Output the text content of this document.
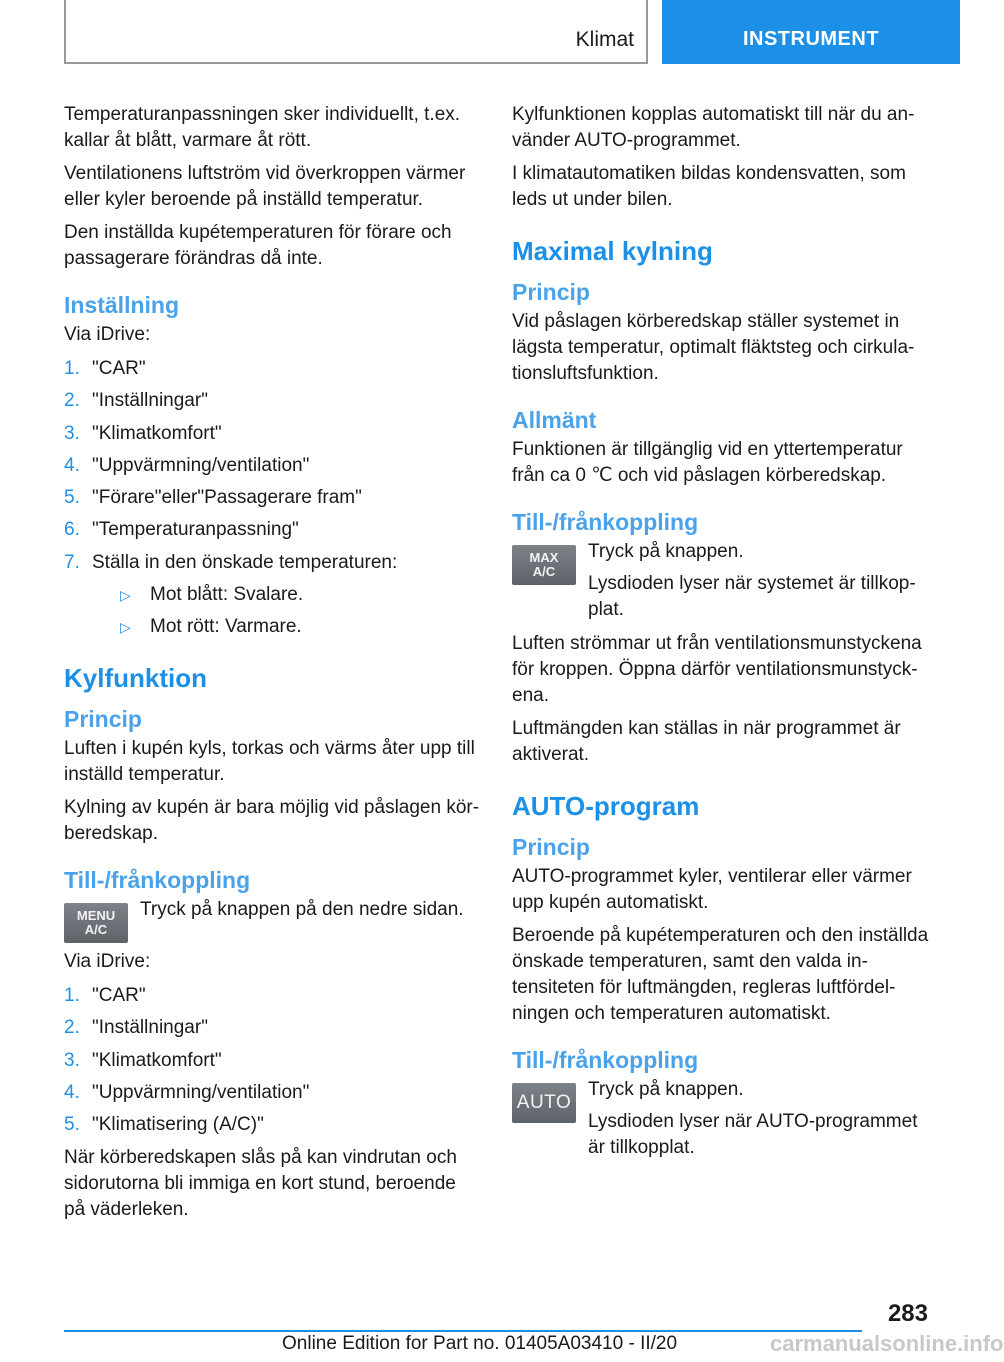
Klimat	INSTRUMENT

Temperaturanpassningen sker individuellt, t.ex. kallar åt blått, varmare åt rött.

Ventilationens luftström vid överkroppen värmer eller kyler beroende på inställd temperatur.

Den inställda kupétemperaturen för förare och passagerare förändras då inte.

Inställning

Via iDrive:

1. "CAR"
2. "Inställningar"
3. "Klimatkomfort"
4. "Uppvärmning/ventilation"
5. "Förare"eller"Passagerare fram"
6. "Temperaturanpassning"
7. Ställa in den önskade temperaturen:
▷ Mot blått: Svalare.
▷ Mot rött: Varmare.
Kylfunktion
Princip

Luften i kupén kyls, torkas och värms åter upp till inställd temperatur.

Kylning av kupén är bara möjlig vid påslagen körberedskap.

Till-/frånkoppling
MENU
A/C

Tryck på knappen på den nedre sidan.

Via iDrive:

1. "CAR"
2. "Inställningar"
3. "Klimatkomfort"
4. "Uppvärmning/ventilation"
5. "Klimatisering (A/C)"

När körberedskapen slås på kan vindrutan och sidorutorna bli immiga en kort stund, beroende på väderleken.

Kylfunktionen kopplas automatiskt till när du använder AUTO-programmet.

I klimatautomatiken bildas kondensvatten, som leds ut under bilen.

Maximal kylning
Princip

Vid påslagen körberedskap ställer systemet in lägsta temperatur, optimalt fläktsteg och cirkulationsluftsfunktion.

Allmänt

Funktionen är tillgänglig vid en yttertemperatur från ca 0 ℃ och vid påslagen körberedskap.

Till-/frånkoppling
MAX
A/C

Tryck på knappen.

Lysdioden lyser när systemet är tillkopplat.

Luften strömmar ut från ventilationsmunstyckena för kroppen. Öppna därför ventilationsmunstyckena.

Luftmängden kan ställas in när programmet är aktiverat.

AUTO-program
Princip

AUTO-programmet kyler, ventilerar eller värmer upp kupén automatiskt.

Beroende på kupétemperaturen och den inställda önskade temperaturen, samt den valda intensiteten för luftmängden, regleras luftfördelningen och temperaturen automatiskt.

Till-/frånkoppling
AUTO

Tryck på knappen.

Lysdioden lyser när AUTO-programmet är tillkopplat.

283
Online Edition for Part no. 01405A03410 - II/20	carmanualsonline.info
